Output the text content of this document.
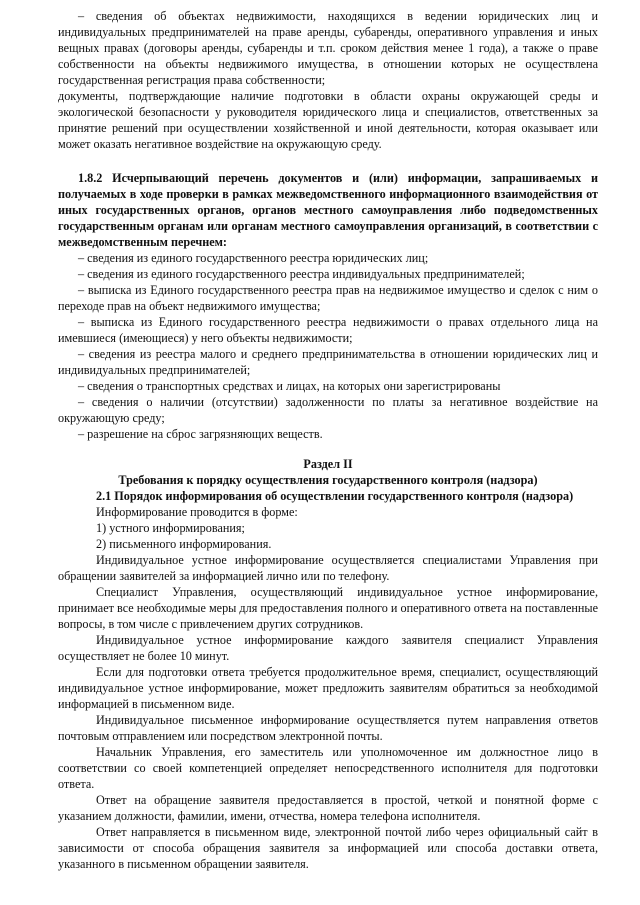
– сведения об объектах недвижимости, находящихся в ведении юридических лиц и индивидуальных предпринимателей на праве аренды, субаренды, оперативного управления и иных вещных правах (договоры аренды, субаренды и т.п. сроком действия менее 1 года), а также о праве собственности на объекты недвижимого имущества, в отношении которых не осуществлена государственная регистрация права собственности;

документы, подтверждающие наличие подготовки в области охраны окружающей среды и экологической безопасности у руководителя юридического лица и специалистов, ответственных за принятие решений при осуществлении хозяйственной и иной деятельности, которая оказывает или может оказать негативное воздействие на окружающую среду.

1.8.2 Исчерпывающий перечень документов и (или) информации, запрашиваемых и получаемых в ходе проверки в рамках межведомственного информационного взаимодействия от иных государственных органов, органов местного самоуправления либо подведомственных государственным органам или органам местного самоуправления организаций, в соответствии с межведомственным перечнем:

– сведения из единого государственного реестра юридических лиц;

– сведения из единого государственного реестра индивидуальных предпринимателей;

– выписка из Единого государственного реестра прав на недвижимое имущество и сделок с ним о переходе прав на объект недвижимого имущества;

– выписка из Единого государственного реестра недвижимости о правах отдельного лица на имевшиеся (имеющиеся) у него объекты недвижимости;

– сведения из реестра малого и среднего предпринимательства в отношении юридических лиц и индивидуальных предпринимателей;

– сведения о транспортных средствах и лицах, на которых они зарегистрированы

– сведения о наличии (отсутствии) задолженности по платы за негативное воздействие на окружающую среду;

– разрешение на сброс загрязняющих веществ.

Раздел II

Требования к порядку осуществления государственного контроля (надзора)

2.1 Порядок информирования об осуществлении государственного контроля (надзора)

Информирование проводится в форме:

1) устного информирования;

2) письменного информирования.

Индивидуальное устное информирование осуществляется специалистами Управления при обращении заявителей за информацией лично или по телефону.

Специалист Управления, осуществляющий индивидуальное устное информирование, принимает все необходимые меры для предоставления полного и оперативного ответа на поставленные вопросы, в том числе с привлечением других сотрудников.

Индивидуальное устное информирование каждого заявителя специалист Управления осуществляет не более 10 минут.

Если для подготовки ответа требуется продолжительное время, специалист, осуществляющий индивидуальное устное информирование, может предложить заявителям обратиться за необходимой информацией в письменном виде.

Индивидуальное письменное информирование осуществляется путем направления ответов почтовым отправлением или посредством электронной почты.

Начальник Управления, его заместитель или уполномоченное им должностное лицо в соответствии со своей компетенцией определяет непосредственного исполнителя для подготовки ответа.

Ответ на обращение заявителя предоставляется в простой, четкой и понятной форме с указанием должности, фамилии, имени, отчества, номера телефона исполнителя.

Ответ направляется в письменном виде, электронной почтой либо через официальный сайт в зависимости от способа обращения заявителя за информацией или способа доставки ответа, указанного в письменном обращении заявителя.
